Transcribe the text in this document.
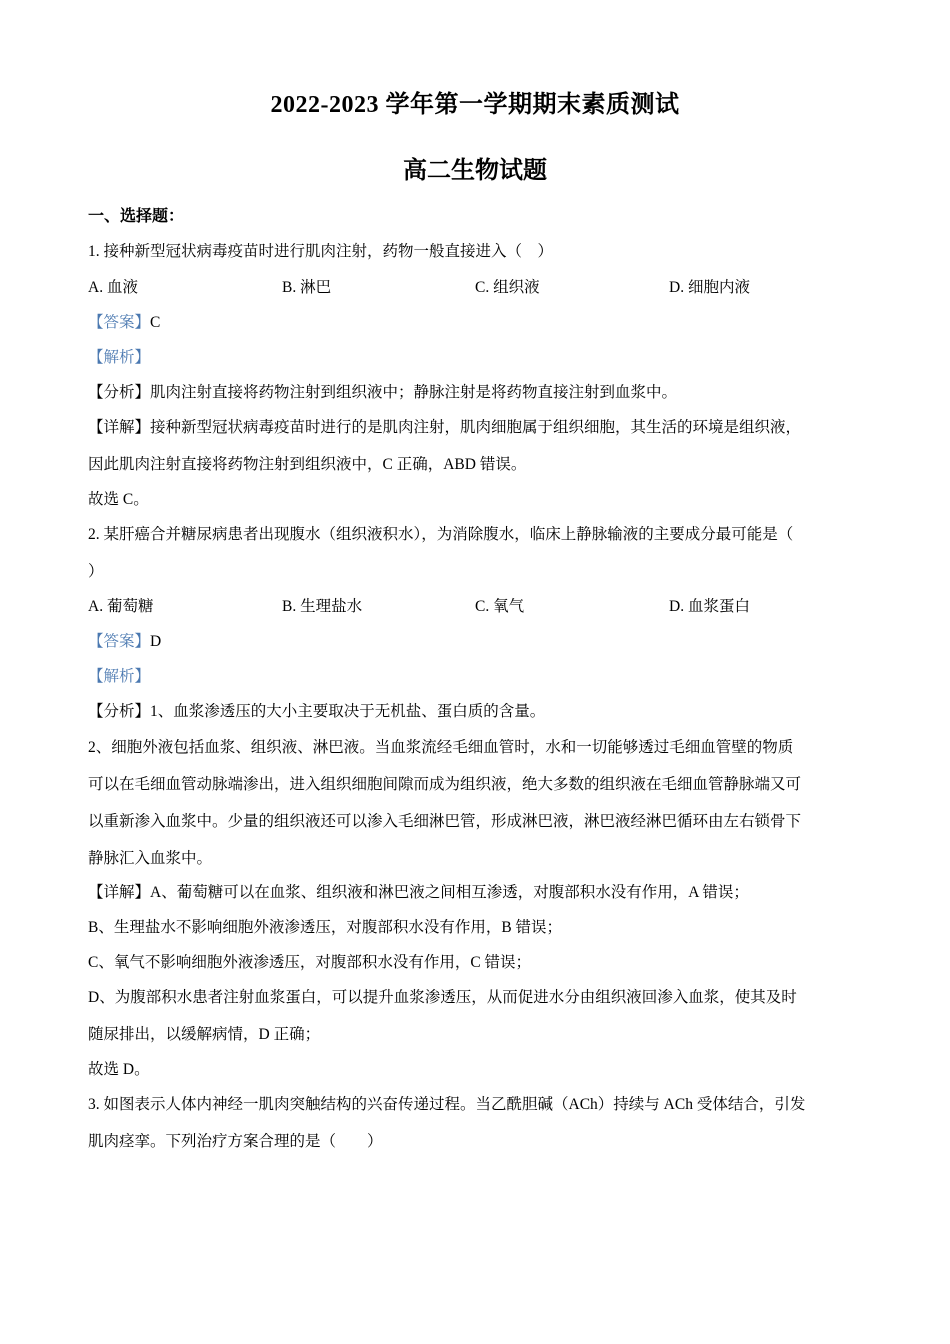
2022-2023 学年第一学期期末素质测试
高二生物试题
一、选择题：
1. 接种新型冠状病毒疫苗时进行肌肉注射，药物一般直接进入（　）
A. 血液	B. 淋巴	C. 组织液	D. 细胞内液
【答案】C
【解析】
【分析】肌肉注射直接将药物注射到组织液中；静脉注射是将药物直接注射到血浆中。
【详解】接种新型冠状病毒疫苗时进行的是肌肉注射，肌肉细胞属于组织细胞，其生活的环境是组织液，
因此肌肉注射直接将药物注射到组织液中，C 正确，ABD 错误。
故选 C。
2. 某肝癌合并糖尿病患者出现腹水（组织液积水），为消除腹水，临床上静脉输液的主要成分最可能是（
）
A. 葡萄糖	B. 生理盐水	C. 氧气	D. 血浆蛋白
【答案】D
【解析】
【分析】1、血浆渗透压的大小主要取决于无机盐、蛋白质的含量。
2、细胞外液包括血浆、组织液、淋巴液。当血浆流经毛细血管时，水和一切能够透过毛细血管壁的物质
可以在毛细血管动脉端渗出，进入组织细胞间隙而成为组织液，绝大多数的组织液在毛细血管静脉端又可
以重新渗入血浆中。少量的组织液还可以渗入毛细淋巴管，形成淋巴液，淋巴液经淋巴循环由左右锁骨下
静脉汇入血浆中。
【详解】A、葡萄糖可以在血浆、组织液和淋巴液之间相互渗透，对腹部积水没有作用，A 错误；
B、生理盐水不影响细胞外液渗透压，对腹部积水没有作用，B 错误；
C、氧气不影响细胞外液渗透压，对腹部积水没有作用，C 错误；
D、为腹部积水患者注射血浆蛋白，可以提升血浆渗透压，从而促进水分由组织液回渗入血浆，使其及时
随尿排出，以缓解病情，D 正确；
故选 D。
3. 如图表示人体内神经一肌肉突触结构的兴奋传递过程。当乙酰胆碱（ACh）持续与 ACh 受体结合，引发
肌肉痉挛。下列治疗方案合理的是（　　）
